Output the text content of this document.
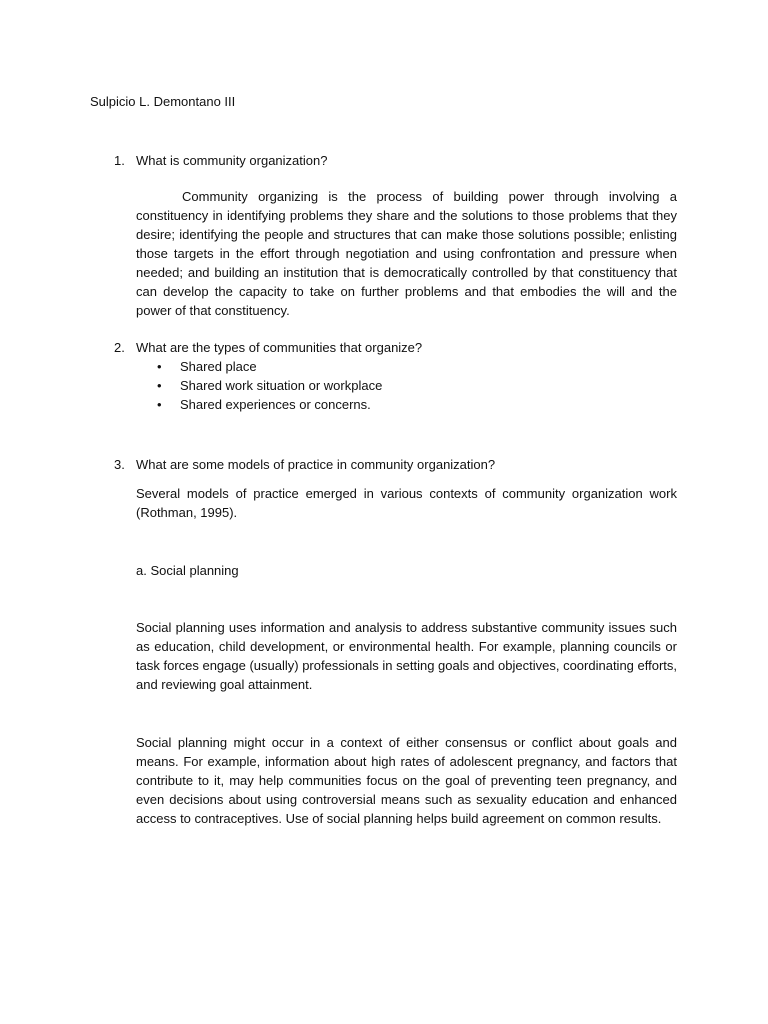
Sulpicio L. Demontano III
1. What is community organization?

Community organizing is the process of building power through involving a constituency in identifying problems they share and the solutions to those problems that they desire; identifying the people and structures that can make those solutions possible; enlisting those targets in the effort through negotiation and using confrontation and pressure when needed; and building an institution that is democratically controlled by that constituency that can develop the capacity to take on further problems and that embodies the will and the power of that constituency.

2. What are the types of communities that organize?
• Shared place
• Shared work situation or workplace
• Shared experiences or concerns.
3. What are some models of practice in community organization?

Several models of practice emerged in various contexts of community organization work (Rothman, 1995).

a. Social planning

Social planning uses information and analysis to address substantive community issues such as education, child development, or environmental health. For example, planning councils or task forces engage (usually) professionals in setting goals and objectives, coordinating efforts, and reviewing goal attainment.

Social planning might occur in a context of either consensus or conflict about goals and means. For example, information about high rates of adolescent pregnancy, and factors that contribute to it, may help communities focus on the goal of preventing teen pregnancy, and even decisions about using controversial means such as sexuality education and enhanced access to contraceptives. Use of social planning helps build agreement on common results.
